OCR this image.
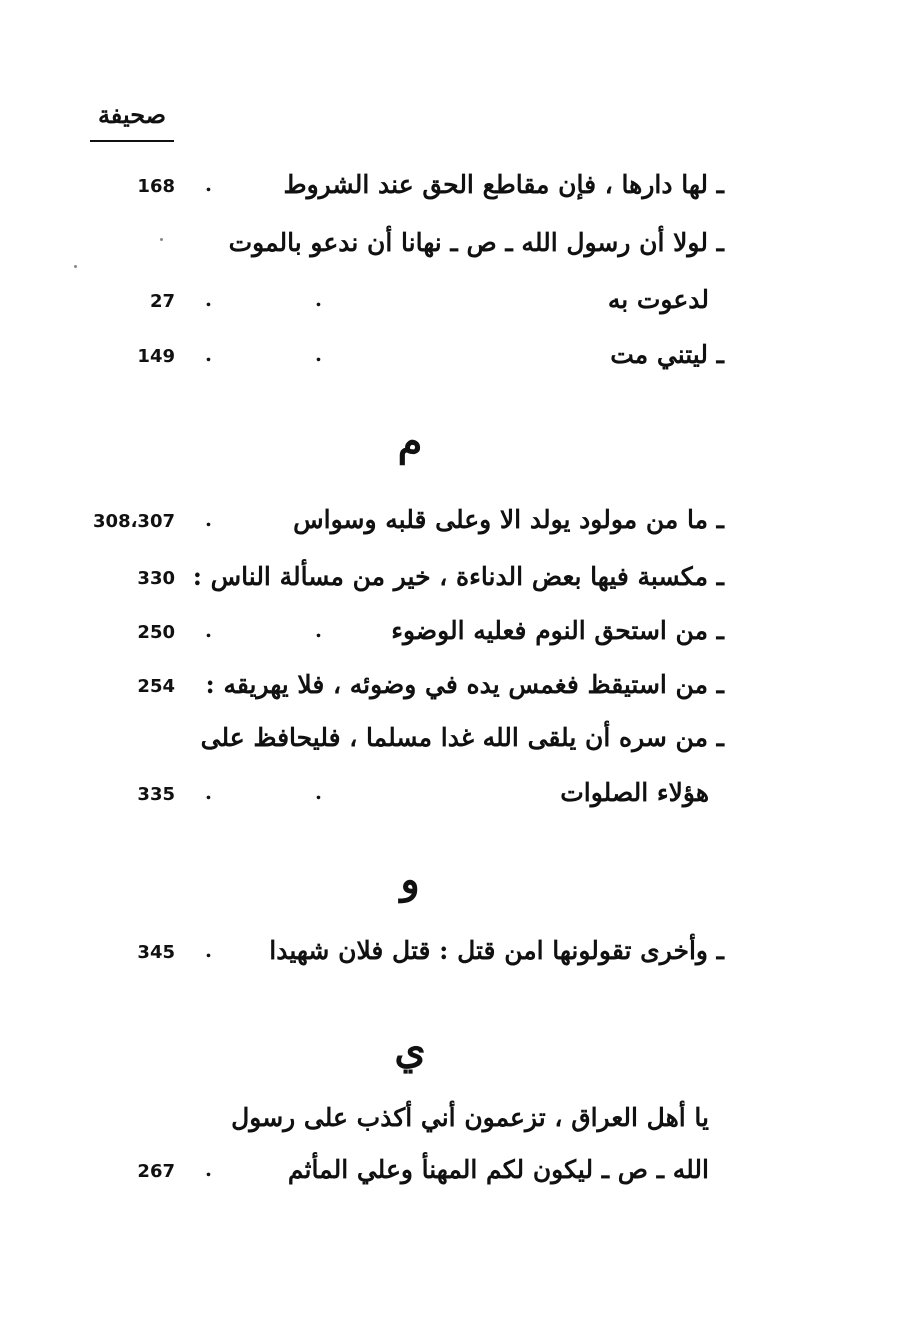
صحيفة
ـ لها دارها ، فإن مقاطع الحق عند الشروط
.
168
ـ لولا أن رسول الله ـ ص ـ نهانا أن ندعو بالموت
لدعوت به
.
.
27
ـ ليتني مت
.
.
149
م
ـ ما من مولود يولد الا وعلى قلبه وسواس
.
308،307
ـ مكسبة فيها بعض الدناءة ، خير من مسألة الناس :
330
ـ من استحق النوم فعليه الوضوء
.
.
250
ـ من استيقظ فغمس يده في وضوئه ، فلا يهريقه :
254
ـ من سره أن يلقى الله غدا مسلما ، فليحافظ على
هؤلاء الصلوات
.
.
335
و
ـ وأخرى تقولونها امن قتل : قتل فلان شهيدا
.
345
ي
يا أهل العراق ، تزعمون أني أكذب على رسول
الله ـ ص ـ ليكون لكم المهنأ وعلي المأثم
.
267
